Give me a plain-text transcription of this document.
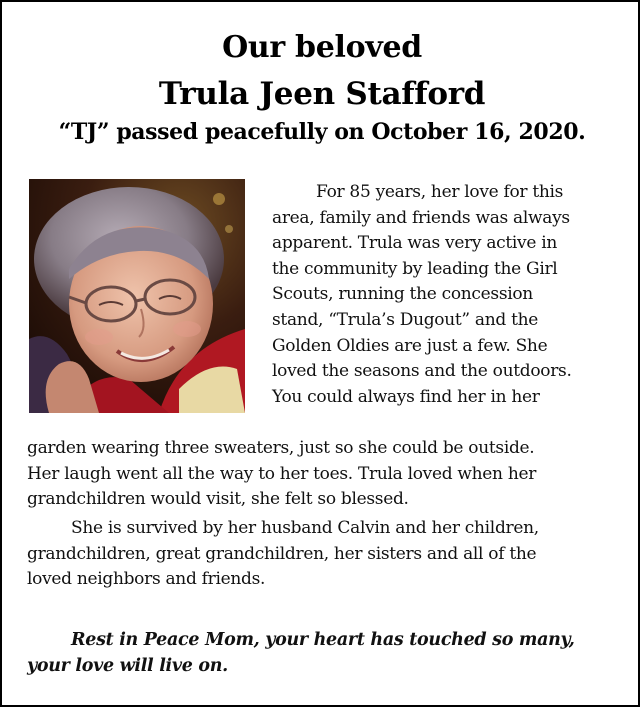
Our beloved
Trula Jeen Stafford
“TJ” passed peacefully on October 16, 2020.

For 85 years, her love for this
area, family and friends was always
apparent. Trula was very active in
the community by leading the Girl
Scouts, running the concession
stand, “Trula’s Dugout” and the
Golden Oldies are just a few. She
loved the seasons and the outdoors.
You could always find her in her

garden wearing three sweaters, just so she could be outside.
Her laugh went all the way to her toes. Trula loved when her
grandchildren would visit, she felt so blessed.

She is survived by her husband Calvin and her children,
grandchildren, great grandchildren, her sisters and all of the
loved neighbors and friends.

Rest in Peace Mom, your heart has touched so many,
your love will live on.
